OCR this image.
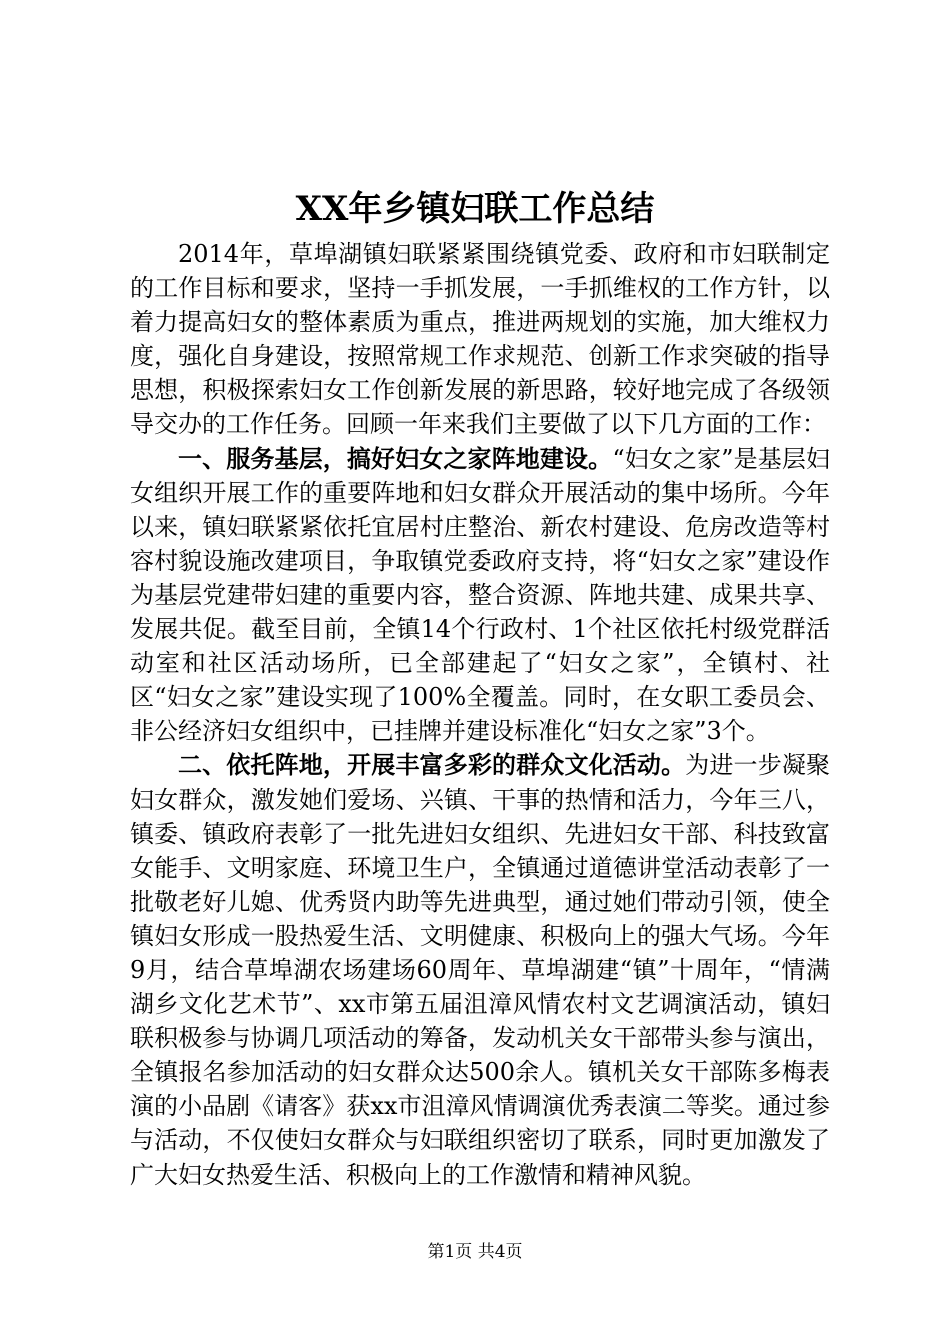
XX年乡镇妇联工作总结

2014年，草埠湖镇妇联紧紧围绕镇党委、政府和市妇联制定的工作目标和要求，坚持一手抓发展，一手抓维权的工作方针，以着力提高妇女的整体素质为重点，推进两规划的实施，加大维权力度，强化自身建设，按照常规工作求规范、创新工作求突破的指导思想，积极探索妇女工作创新发展的新思路，较好地完成了各级领导交办的工作任务。回顾一年来我们主要做了以下几方面的工作：

一、服务基层，搞好妇女之家阵地建设。“妇女之家”是基层妇女组织开展工作的重要阵地和妇女群众开展活动的集中场所。今年以来，镇妇联紧紧依托宜居村庄整治、新农村建设、危房改造等村容村貌设施改建项目，争取镇党委政府支持，将“妇女之家”建设作为基层党建带妇建的重要内容，整合资源、阵地共建、成果共享、发展共促。截至目前，全镇14个行政村、1个社区依托村级党群活动室和社区活动场所，已全部建起了“妇女之家”，全镇村、社区“妇女之家”建设实现了100%全覆盖。同时，在女职工委员会、非公经济妇女组织中，已挂牌并建设标准化“妇女之家”3个。

二、依托阵地，开展丰富多彩的群众文化活动。为进一步凝聚妇女群众，激发她们爱场、兴镇、干事的热情和活力，今年三八，镇委、镇政府表彰了一批先进妇女组织、先进妇女干部、科技致富女能手、文明家庭、环境卫生户，全镇通过道德讲堂活动表彰了一批敬老好儿媳、优秀贤内助等先进典型，通过她们带动引领，使全镇妇女形成一股热爱生活、文明健康、积极向上的强大气场。今年9月，结合草埠湖农场建场60周年、草埠湖建“镇”十周年，“情满湖乡文化艺术节”、xx市第五届沮漳风情农村文艺调演活动，镇妇联积极参与协调几项活动的筹备，发动机关女干部带头参与演出，全镇报名参加活动的妇女群众达500余人。镇机关女干部陈多梅表演的小品剧《请客》获xx市沮漳风情调演优秀表演二等奖。通过参与活动，不仅使妇女群众与妇联组织密切了联系，同时更加激发了广大妇女热爱生活、积极向上的工作激情和精神风貌。

第1页 共4页
